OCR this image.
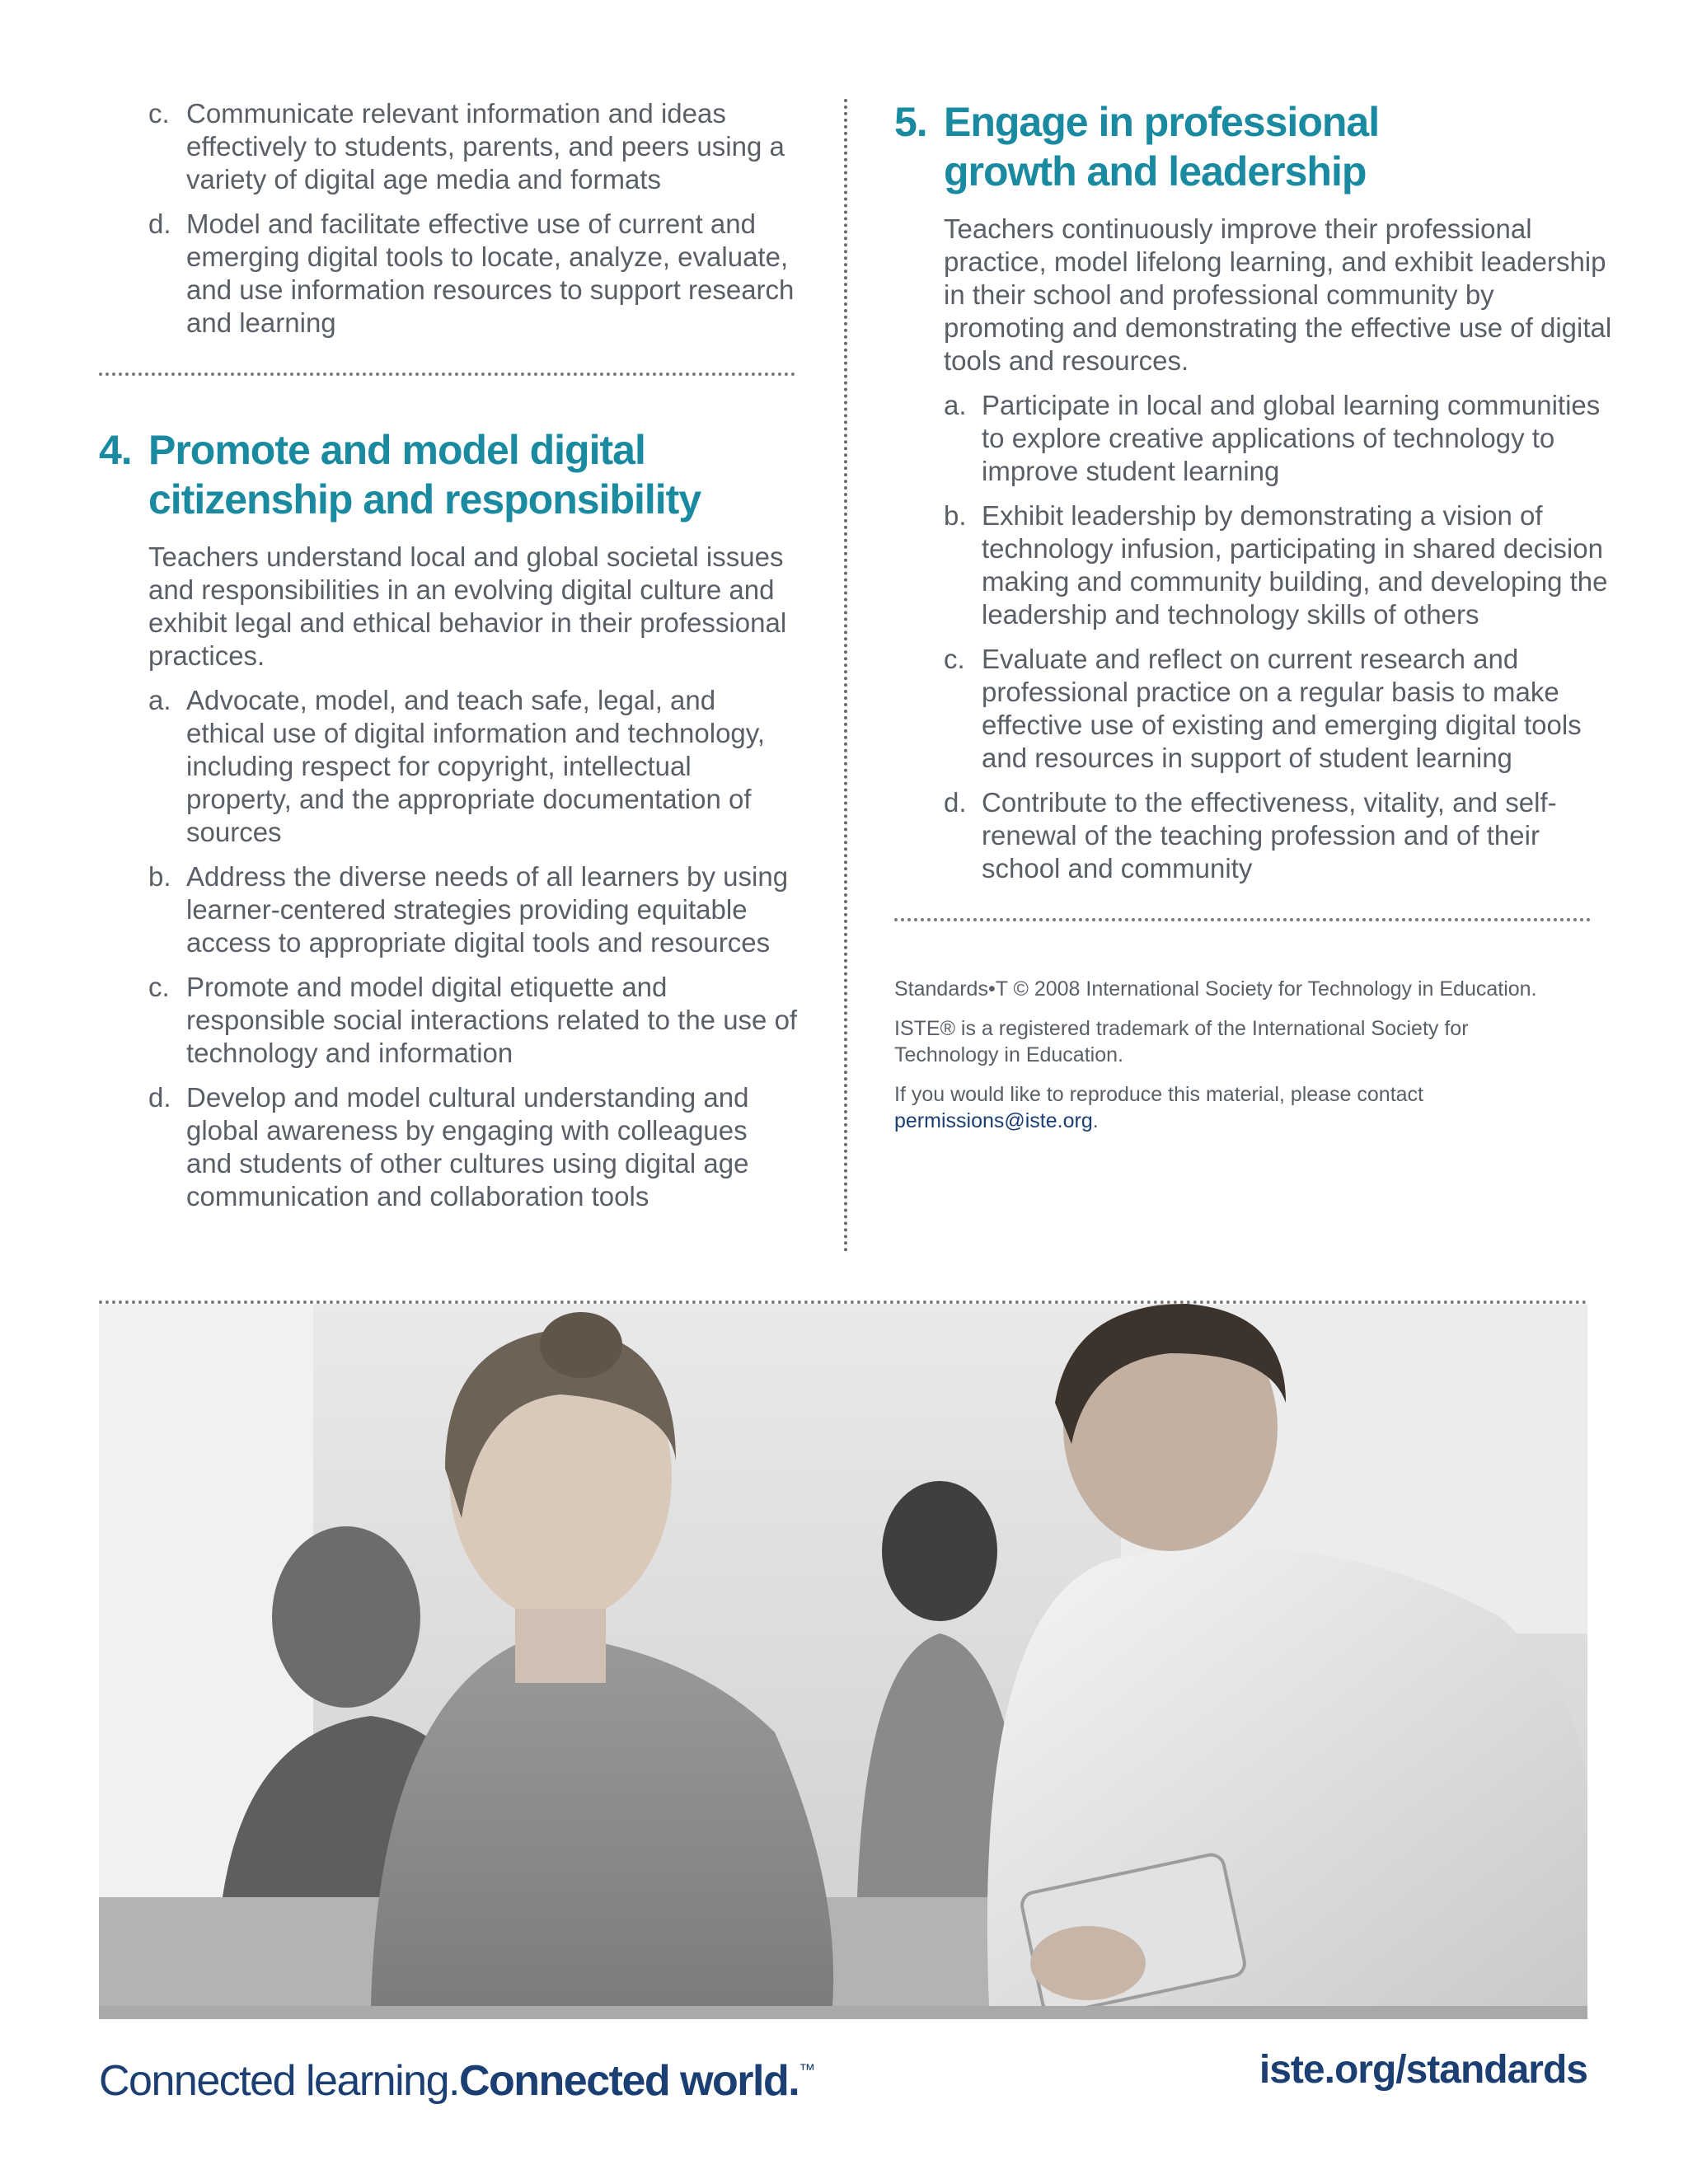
c. Communicate relevant information and ideas effectively to students, parents, and peers using a variety of digital age media and formats
d. Model and facilitate effective use of current and emerging digital tools to locate, analyze, evaluate, and use information resources to support research and learning
4. Promote and model digital citizenship and responsibility

Teachers understand local and global societal issues and responsibilities in an evolving digital culture and exhibit legal and ethical behavior in their professional practices.

a. Advocate, model, and teach safe, legal, and ethical use of digital information and technology, including respect for copyright, intellectual property, and the appropriate documentation of sources
b. Address the diverse needs of all learners by using learner-centered strategies providing equitable access to appropriate digital tools and resources
c. Promote and model digital etiquette and responsible social interactions related to the use of technology and information
d. Develop and model cultural understanding and global awareness by engaging with colleagues and students of other cultures using digital age communication and collaboration tools
5. Engage in professional growth and leadership

Teachers continuously improve their professional practice, model lifelong learning, and exhibit leadership in their school and professional community by promoting and demonstrating the effective use of digital tools and resources.

a. Participate in local and global learning communities to explore creative applications of technology to improve student learning
b. Exhibit leadership by demonstrating a vision of technology infusion, participating in shared decision making and community building, and developing the leadership and technology skills of others
c. Evaluate and reflect on current research and professional practice on a regular basis to make effective use of existing and emerging digital tools and resources in support of student learning
d. Contribute to the effectiveness, vitality, and self-renewal of the teaching profession and of their school and community

Standards•T © 2008 International Society for Technology in Education.

ISTE® is a registered trademark of the International Society for Technology in Education.

If you would like to reproduce this material, please contact
permissions@iste.org.

Connected learning.Connected world.™	iste.org/standards
